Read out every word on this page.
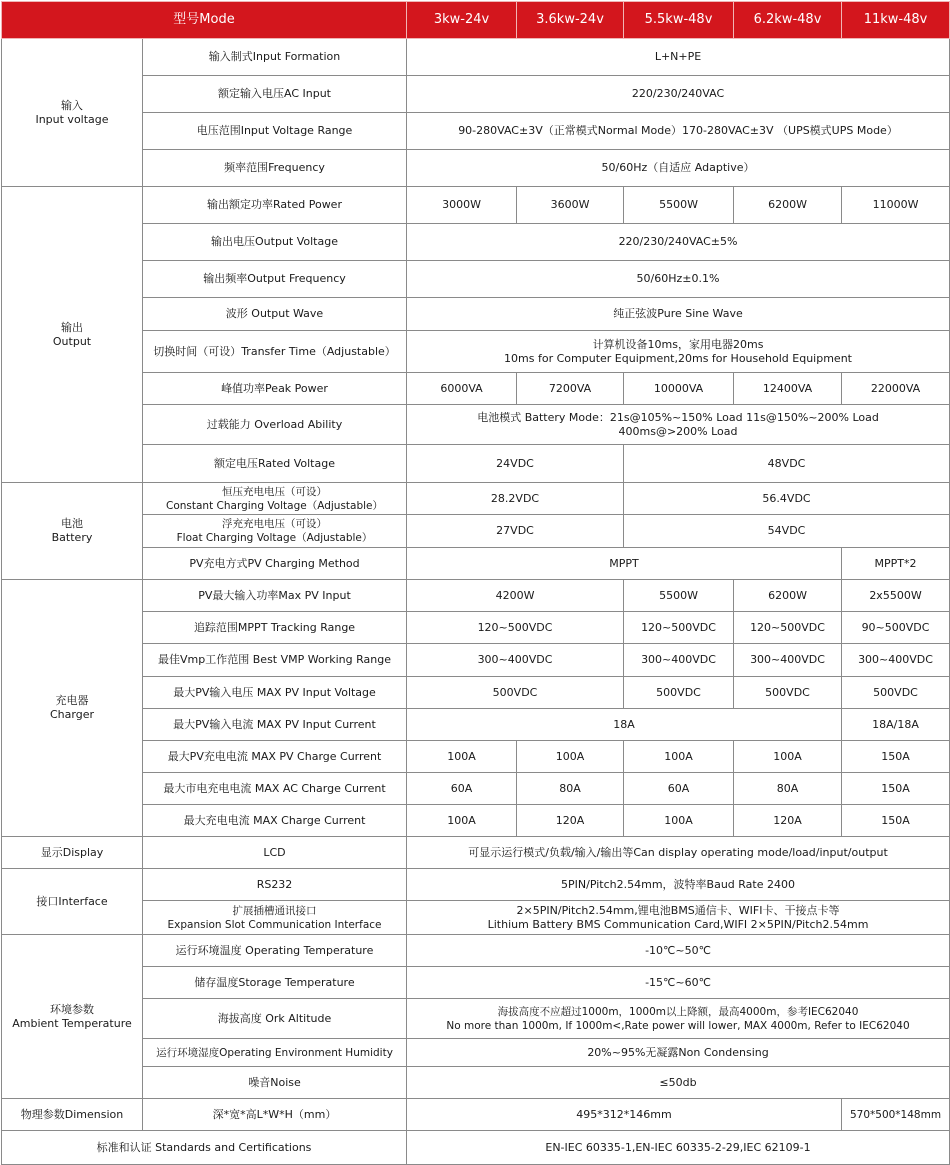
型号Mode		3kw-24v	3.6kw-24v	5.5kw-48v	6.2kw-48v	11kw-48v
输入
Input voltage	输入制式Input Formation	L+N+PE				
	额定输入电压AC Input	220/230/240VAC				
	电压范围Input Voltage Range	90-280VAC±3V（正常模式Normal Mode）170-280VAC±3V （UPS模式UPS Mode）				
	频率范围Frequency	50/60Hz（自适应 Adaptive）				
输出
Output	输出额定功率Rated Power	3000W	3600W	5500W	6200W	11000W
	输出电压Output Voltage	220/230/240VAC±5%				
	输出频率Output Frequency	50/60Hz±0.1%				
	波形 Output Wave	纯正弦波Pure Sine Wave				
	切换时间（可设）Transfer Time（Adjustable）	计算机设备10ms，家用电器20ms
10ms for Computer Equipment,20ms for Household Equipment				
	峰值功率Peak Power	6000VA	7200VA	10000VA	12400VA	22000VA
	过载能力 Overload Ability	电池模式 Battery Mode：21s@105%~150% Load 11s@150%~200% Load
400ms@>200% Load				
	额定电压Rated Voltage	24VDC		48VDC		
电池
Battery	恒压充电电压（可设）
Constant Charging Voltage（Adjustable）	28.2VDC		56.4VDC		
	浮充充电电压（可设）
Float Charging Voltage（Adjustable）	27VDC		54VDC		
	PV充电方式PV Charging Method	MPPT				MPPT*2
充电器
Charger	PV最大输入功率Max PV Input	4200W		5500W	6200W	2x5500W
	追踪范围MPPT Tracking Range	120~500VDC		120~500VDC	120~500VDC	90~500VDC
	最佳Vmp工作范围 Best VMP Working Range	300~400VDC		300~400VDC	300~400VDC	300~400VDC
	最大PV输入电压 MAX PV Input Voltage	500VDC		500VDC	500VDC	500VDC
	最大PV输入电流 MAX PV Input Current	18A				18A/18A
	最大PV充电电流 MAX PV Charge Current	100A	100A	100A	100A	150A
	最大市电充电电流 MAX AC Charge Current	60A	80A	60A	80A	150A
	最大充电电流 MAX Charge Current	100A	120A	100A	120A	150A
显示Display	LCD	可显示运行模式/负载/输入/输出等Can display operating mode/load/input/output				
接口Interface	RS232	5PIN/Pitch2.54mm，波特率Baud Rate 2400				
	扩展插槽通讯接口
Expansion Slot Communication Interface	2×5PIN/Pitch2.54mm,锂电池BMS通信卡、WIFI卡、干接点卡等
Lithium Battery BMS Communication Card,WIFI 2×5PIN/Pitch2.54mm				
环境参数
Ambient Temperature	运行环境温度 Operating Temperature	-10℃~50℃				
	储存温度Storage Temperature	-15℃~60℃				
	海拔高度 Ork Altitude	海拔高度不应超过1000m，1000m以上降额，最高4000m，参考IEC62040
No more than 1000m, If 1000m<,Rate power will lower, MAX 4000m, Refer to IEC62040				
	运行环境湿度Operating Environment Humidity	20%~95%无凝露Non Condensing				
	噪音Noise	≤50db				
物理参数Dimension	深*宽*高L*W*H（mm）	495*312*146mm				570*500*148mm
标准和认证 Standards and Certifications		EN-IEC 60335-1,EN-IEC 60335-2-29,IEC 62109-1				
